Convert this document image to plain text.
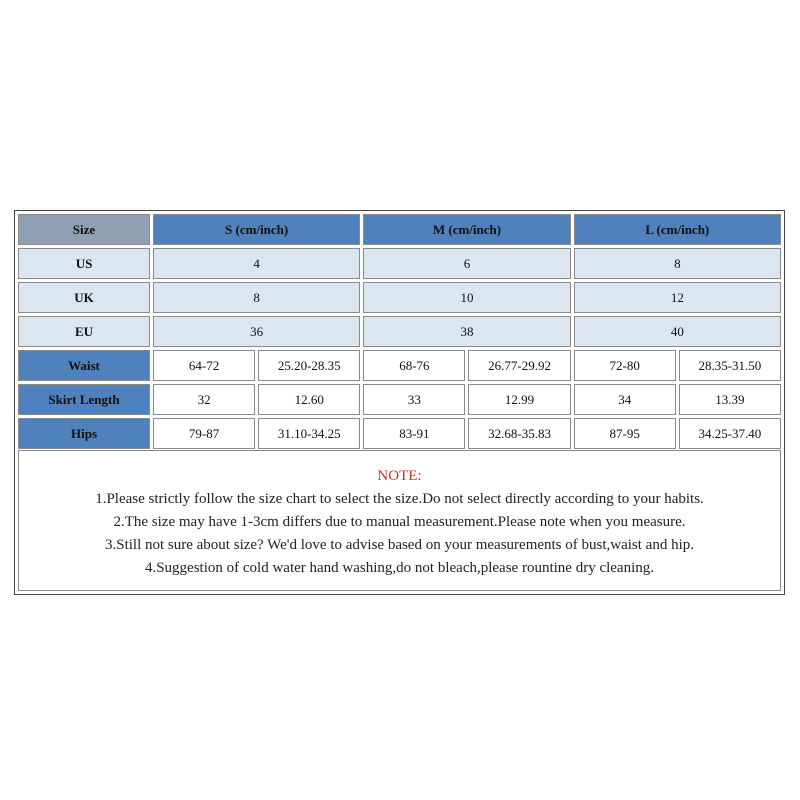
Size	S (cm/inch)		M (cm/inch)		L (cm/inch)	
US	4		6		8	
UK	8		10		12	
EU	36		38		40	
Waist	64-72	25.20-28.35	68-76	26.77-29.92	72-80	28.35-31.50
Skirt Length	32	12.60	33	12.99	34	13.39
Hips	79-87	31.10-34.25	83-91	32.68-35.83	87-95	34.25-37.40
NOTE:
1.Please strictly follow the size chart to select the size.Do not select directly according to your habits.
2.The size may have 1-3cm differs due to manual measurement.Please note when you measure.
3.Still not sure about size? We'd love to advise based on your measurements of bust,waist and hip.
4.Suggestion of cold water hand washing,do not bleach,please rountine dry cleaning.
